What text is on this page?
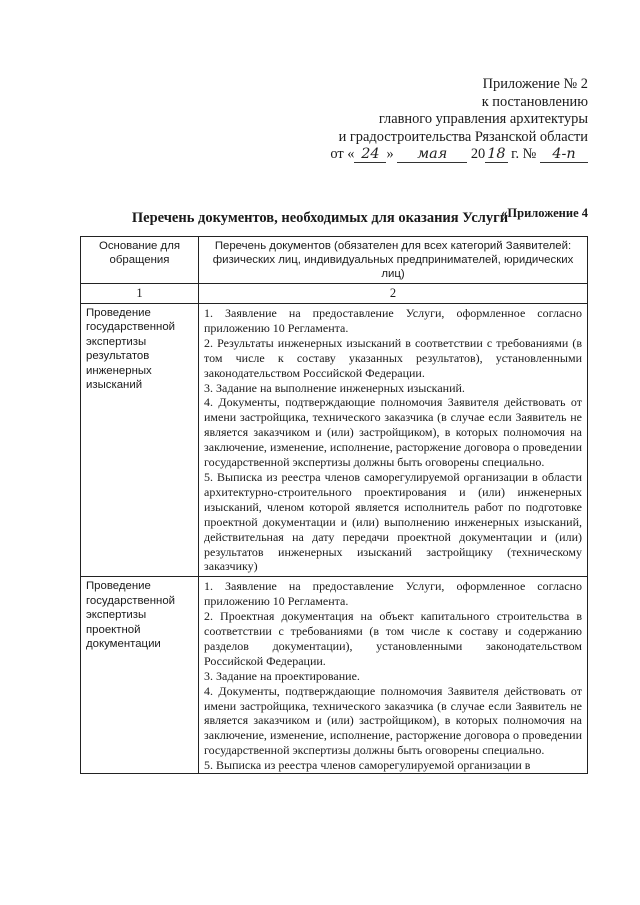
Приложение № 2
к постановлению
главного управления архитектуры
и градостроительства Рязанской области
от « 24 » мая 20 18 г. № 4-п
«Приложение 4
Перечень документов, необходимых для оказания Услуги
Основание для обращения	Перечень документов (обязателен для всех категорий Заявителей: физических лиц, индивидуальных предпринимателей, юридических лиц)
1	2
Проведение государственной экспертизы результатов инженерных изысканий	1. Заявление на предоставление Услуги, оформленное согласно приложению 10 Регламента.

2. Результаты инженерных изысканий в соответствии с требованиями (в том числе к составу указанных результатов), установленными законодательством Российской Федерации.

3. Задание на выполнение инженерных изысканий.

4. Документы, подтверждающие полномочия Заявителя действовать от имени застройщика, технического заказчика (в случае если Заявитель не является заказчиком и (или) застройщиком), в которых полномочия на заключение, изменение, исполнение, расторжение договора о проведении государственной экспертизы должны быть оговорены специально.

5. Выписка из реестра членов саморегулируемой организации в области архитектурно-строительного проектирования и (или) инженерных изысканий, членом которой является исполнитель работ по подготовке проектной документации и (или) выполнению инженерных изысканий, действительная на дату передачи проектной документации и (или) результатов инженерных изысканий застройщику (техническому заказчику)

Проведение государственной экспертизы проектной документации	1. Заявление на предоставление Услуги, оформленное согласно приложению 10 Регламента.

2. Проектная документация на объект капитального строительства в соответствии с требованиями (в том числе к составу и содержанию разделов документации), установленными законодательством Российской Федерации.

3. Задание на проектирование.

4. Документы, подтверждающие полномочия Заявителя действовать от имени застройщика, технического заказчика (в случае если Заявитель не является заказчиком и (или) застройщиком), в которых полномочия на заключение, изменение, исполнение, расторжение договора о проведении государственной экспертизы должны быть оговорены специально.

5. Выписка из реестра членов саморегулируемой организации в
